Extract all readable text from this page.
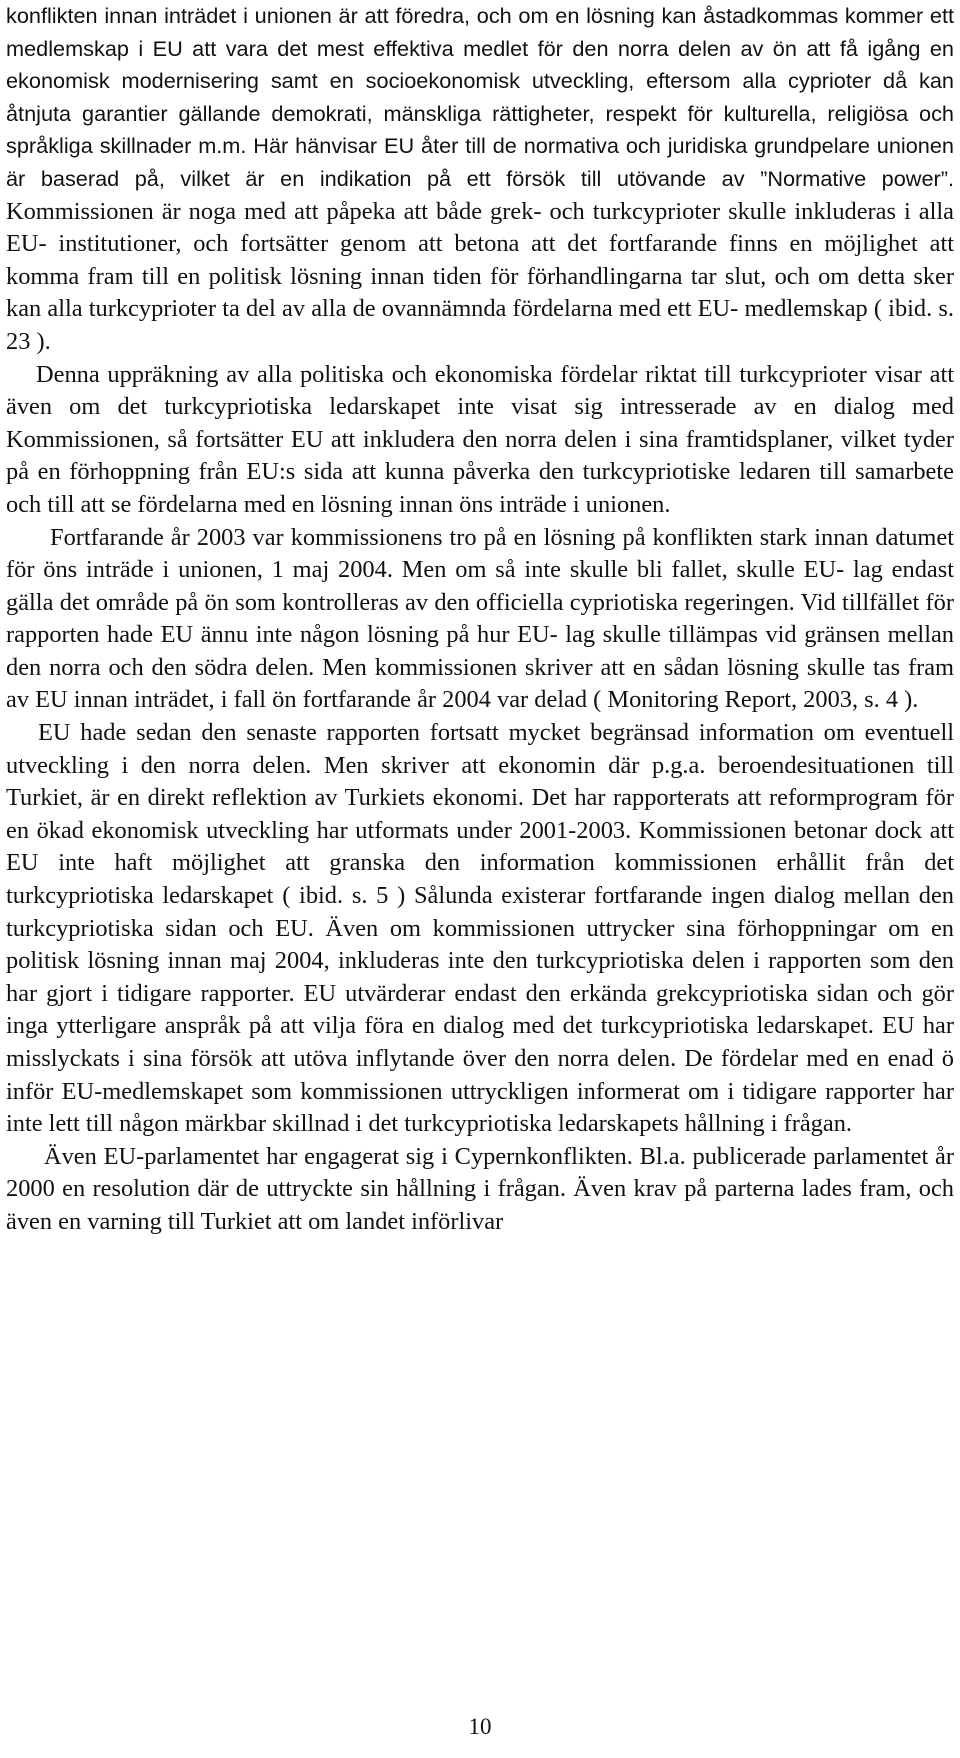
konflikten innan inträdet i unionen är att föredra, och om en lösning kan åstadkommas kommer ett medlemskap i EU att vara det mest effektiva medlet för den norra delen av ön att få igång en ekonomisk modernisering samt en socioekonomisk utveckling, eftersom alla cyprioter då kan åtnjuta garantier gällande demokrati, mänskliga rättigheter, respekt för kulturella, religiösa och språkliga skillnader m.m. Här hänvisar EU åter till de normativa och juridiska grundpelare unionen är baserad på, vilket är en indikation på ett försök till utövande av ”Normative power”. Kommissionen är noga med att påpeka att både grek- och turkcyprioter skulle inkluderas i alla EU- institutioner, och fortsätter genom att betona att det fortfarande finns en möjlighet att komma fram till en politisk lösning innan tiden för förhandlingarna tar slut, och om detta sker kan alla turkcyprioter ta del av alla de ovannämnda fördelarna med ett EU- medlemskap ( ibid. s. 23 ).

Denna uppräkning av alla politiska och ekonomiska fördelar riktat till turkcyprioter visar att även om det turkcypriotiska ledarskapet inte visat sig intresserade av en dialog med Kommissionen, så fortsätter EU att inkludera den norra delen i sina framtidsplaner, vilket tyder på en förhoppning från EU:s sida att kunna påverka den turkcypriotiske ledaren till samarbete och till att se fördelarna med en lösning innan öns inträde i unionen.

Fortfarande år 2003 var kommissionens tro på en lösning på konflikten stark innan datumet för öns inträde i unionen, 1 maj 2004. Men om så inte skulle bli fallet, skulle EU- lag endast gälla det område på ön som kontrolleras av den officiella cypriotiska regeringen. Vid tillfället för rapporten hade EU ännu inte någon lösning på hur EU- lag skulle tillämpas vid gränsen mellan den norra och den södra delen. Men kommissionen skriver att en sådan lösning skulle tas fram av EU innan inträdet, i fall ön fortfarande år 2004 var delad ( Monitoring Report, 2003, s. 4 ).

EU hade sedan den senaste rapporten fortsatt mycket begränsad information om eventuell utveckling i den norra delen. Men skriver att ekonomin där p.g.a. beroendesituationen till Turkiet, är en direkt reflektion av Turkiets ekonomi. Det har rapporterats att reformprogram för en ökad ekonomisk utveckling har utformats under 2001-2003. Kommissionen betonar dock att EU inte haft möjlighet att granska den information kommissionen erhållit från det turkcypriotiska ledarskapet ( ibid. s. 5 ) Sålunda existerar fortfarande ingen dialog mellan den turkcypriotiska sidan och EU. Även om kommissionen uttrycker sina förhoppningar om en politisk lösning innan maj 2004, inkluderas inte den turkcypriotiska delen i rapporten som den har gjort i tidigare rapporter. EU utvärderar endast den erkända grekcypriotiska sidan och gör inga ytterligare anspråk på att vilja föra en dialog med det turkcypriotiska ledarskapet. EU har misslyckats i sina försök att utöva inflytande över den norra delen. De fördelar med en enad ö inför EU-medlemskapet som kommissionen uttryckligen informerat om i tidigare rapporter har inte lett till någon märkbar skillnad i det turkcypriotiska ledarskapets hållning i frågan.

Även EU-parlamentet har engagerat sig i Cypernkonflikten. Bl.a. publicerade parlamentet år 2000 en resolution där de uttryckte sin hållning i frågan. Även krav på parterna lades fram, och även en varning till Turkiet att om landet införlivar

10
